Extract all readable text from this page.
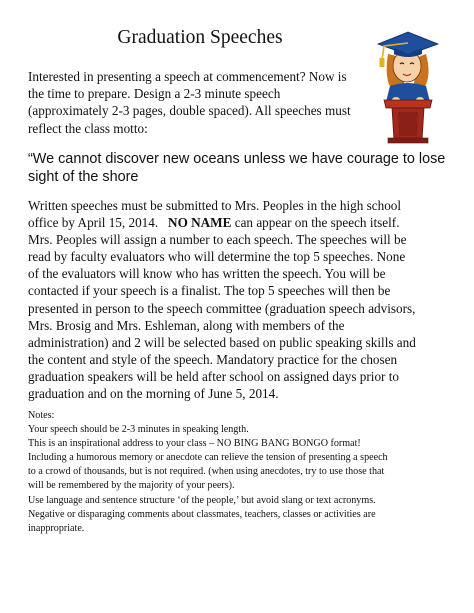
Graduation Speeches
Interested in presenting a speech at commencement? Now is
the time to prepare. Design a 2-3 minute speech
(approximately 2-3 pages, double spaced). All speeches must
reflect the class motto:
“We cannot discover new oceans unless we have courage to lose
sight of the shore
Written speeches must be submitted to Mrs. Peoples in the high school
office by April 15, 2014.   NO NAME can appear on the speech itself.
Mrs. Peoples will assign a number to each speech. The speeches will be
read by faculty evaluators who will determine the top 5 speeches. None
of the evaluators will know who has written the speech. You will be
contacted if your speech is a finalist. The top 5 speeches will then be
presented in person to the speech committee (graduation speech advisors,
Mrs. Brosig and Mrs. Eshleman, along with members of the
administration) and 2 will be selected based on public speaking skills and
the content and style of the speech. Mandatory practice for the chosen
graduation speakers will be held after school on assigned days prior to
graduation and on the morning of June 5, 2014.
Notes:
Your speech should be 2-3 minutes in speaking length.
This is an inspirational address to your class – NO BING BANG BONGO format!
Including a humorous memory or anecdote can relieve the tension of presenting a speech
to a crowd of thousands, but is not required. (when using anecdotes, try to use those that
will be remembered by the majority of your peers).
Use language and sentence structure ‘of the people,’ but avoid slang or text acronyms.
Negative or disparaging comments about classmates, teachers, classes or activities are
inappropriate.
